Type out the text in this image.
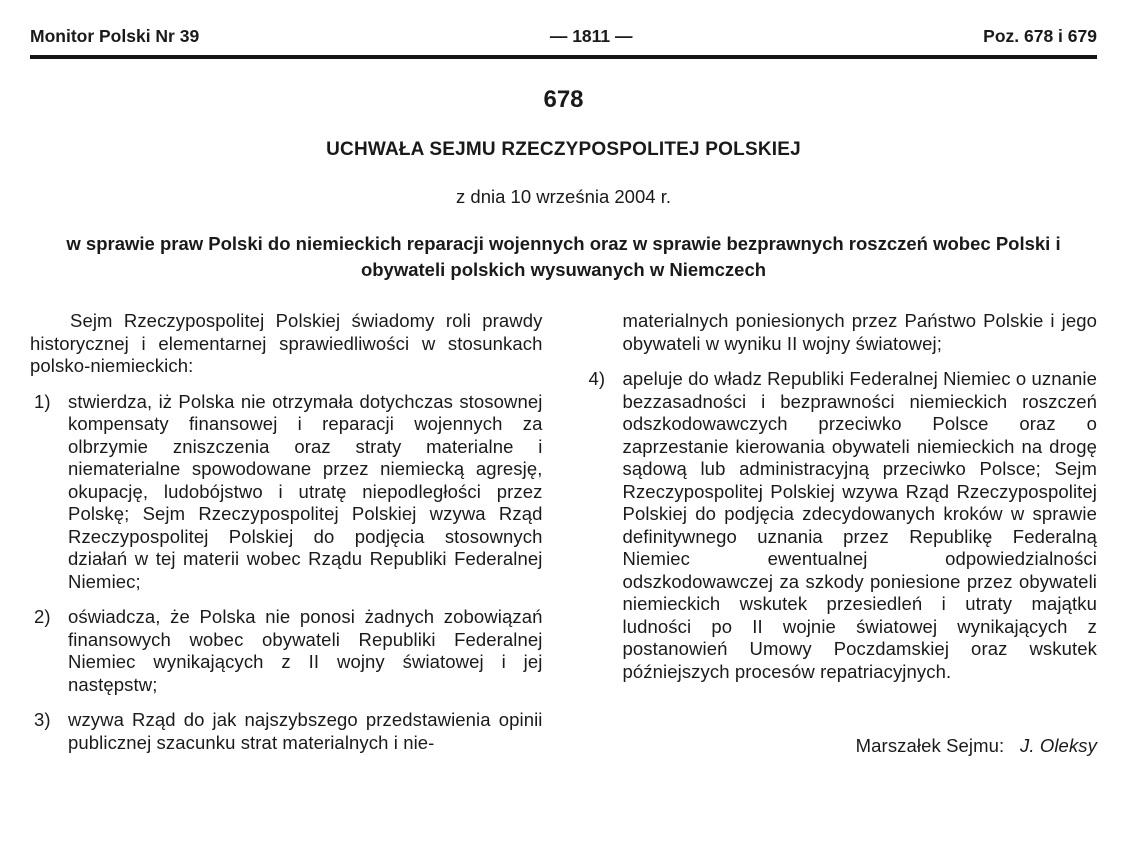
Monitor Polski Nr 39	— 1811 —	Poz. 678 i 679
678
UCHWAŁA SEJMU RZECZYPOSPOLITEJ POLSKIEJ
z dnia 10 września 2004 r.
w sprawie praw Polski do niemieckich reparacji wojennych oraz w sprawie bezprawnych roszczeń wobec Polski i obywateli polskich wysuwanych w Niemczech

Sejm Rzeczypospolitej Polskiej świadomy roli prawdy historycznej i elementarnej sprawiedliwości w stosunkach polsko-niemieckich:

1) stwierdza, iż Polska nie otrzymała dotychczas stosownej kompensaty finansowej i reparacji wojennych za olbrzymie zniszczenia oraz straty materialne i niematerialne spowodowane przez niemiecką agresję, okupację, ludobójstwo i utratę niepodległości przez Polskę; Sejm Rzeczypospolitej Polskiej wzywa Rząd Rzeczypospolitej Polskiej do podjęcia stosownych działań w tej materii wobec Rządu Republiki Federalnej Niemiec;
2) oświadcza, że Polska nie ponosi żadnych zobowiązań finansowych wobec obywateli Republiki Federalnej Niemiec wynikających z II wojny światowej i jej następstw;
3) wzywa Rząd do jak najszybszego przedstawienia opinii publicznej szacunku strat materialnych i nie-

materialnych poniesionych przez Państwo Polskie i jego obywateli w wyniku II wojny światowej;

4) apeluje do władz Republiki Federalnej Niemiec o uznanie bezzasadności i bezprawności niemieckich roszczeń odszkodowawczych przeciwko Polsce oraz o zaprzestanie kierowania obywateli niemieckich na drogę sądową lub administracyjną przeciwko Polsce; Sejm Rzeczypospolitej Polskiej wzywa Rząd Rzeczypospolitej Polskiej do podjęcia zdecydowanych kroków w sprawie definitywnego uznania przez Republikę Federalną Niemiec ewentualnej odpowiedzialności odszkodowawczej za szkody poniesione przez obywateli niemieckich wskutek przesiedleń i utraty majątku ludności po II wojnie światowej wynikających z postanowień Umowy Poczdamskiej oraz wskutek późniejszych procesów repatriacyjnych.
Marszałek Sejmu: J. Oleksy
